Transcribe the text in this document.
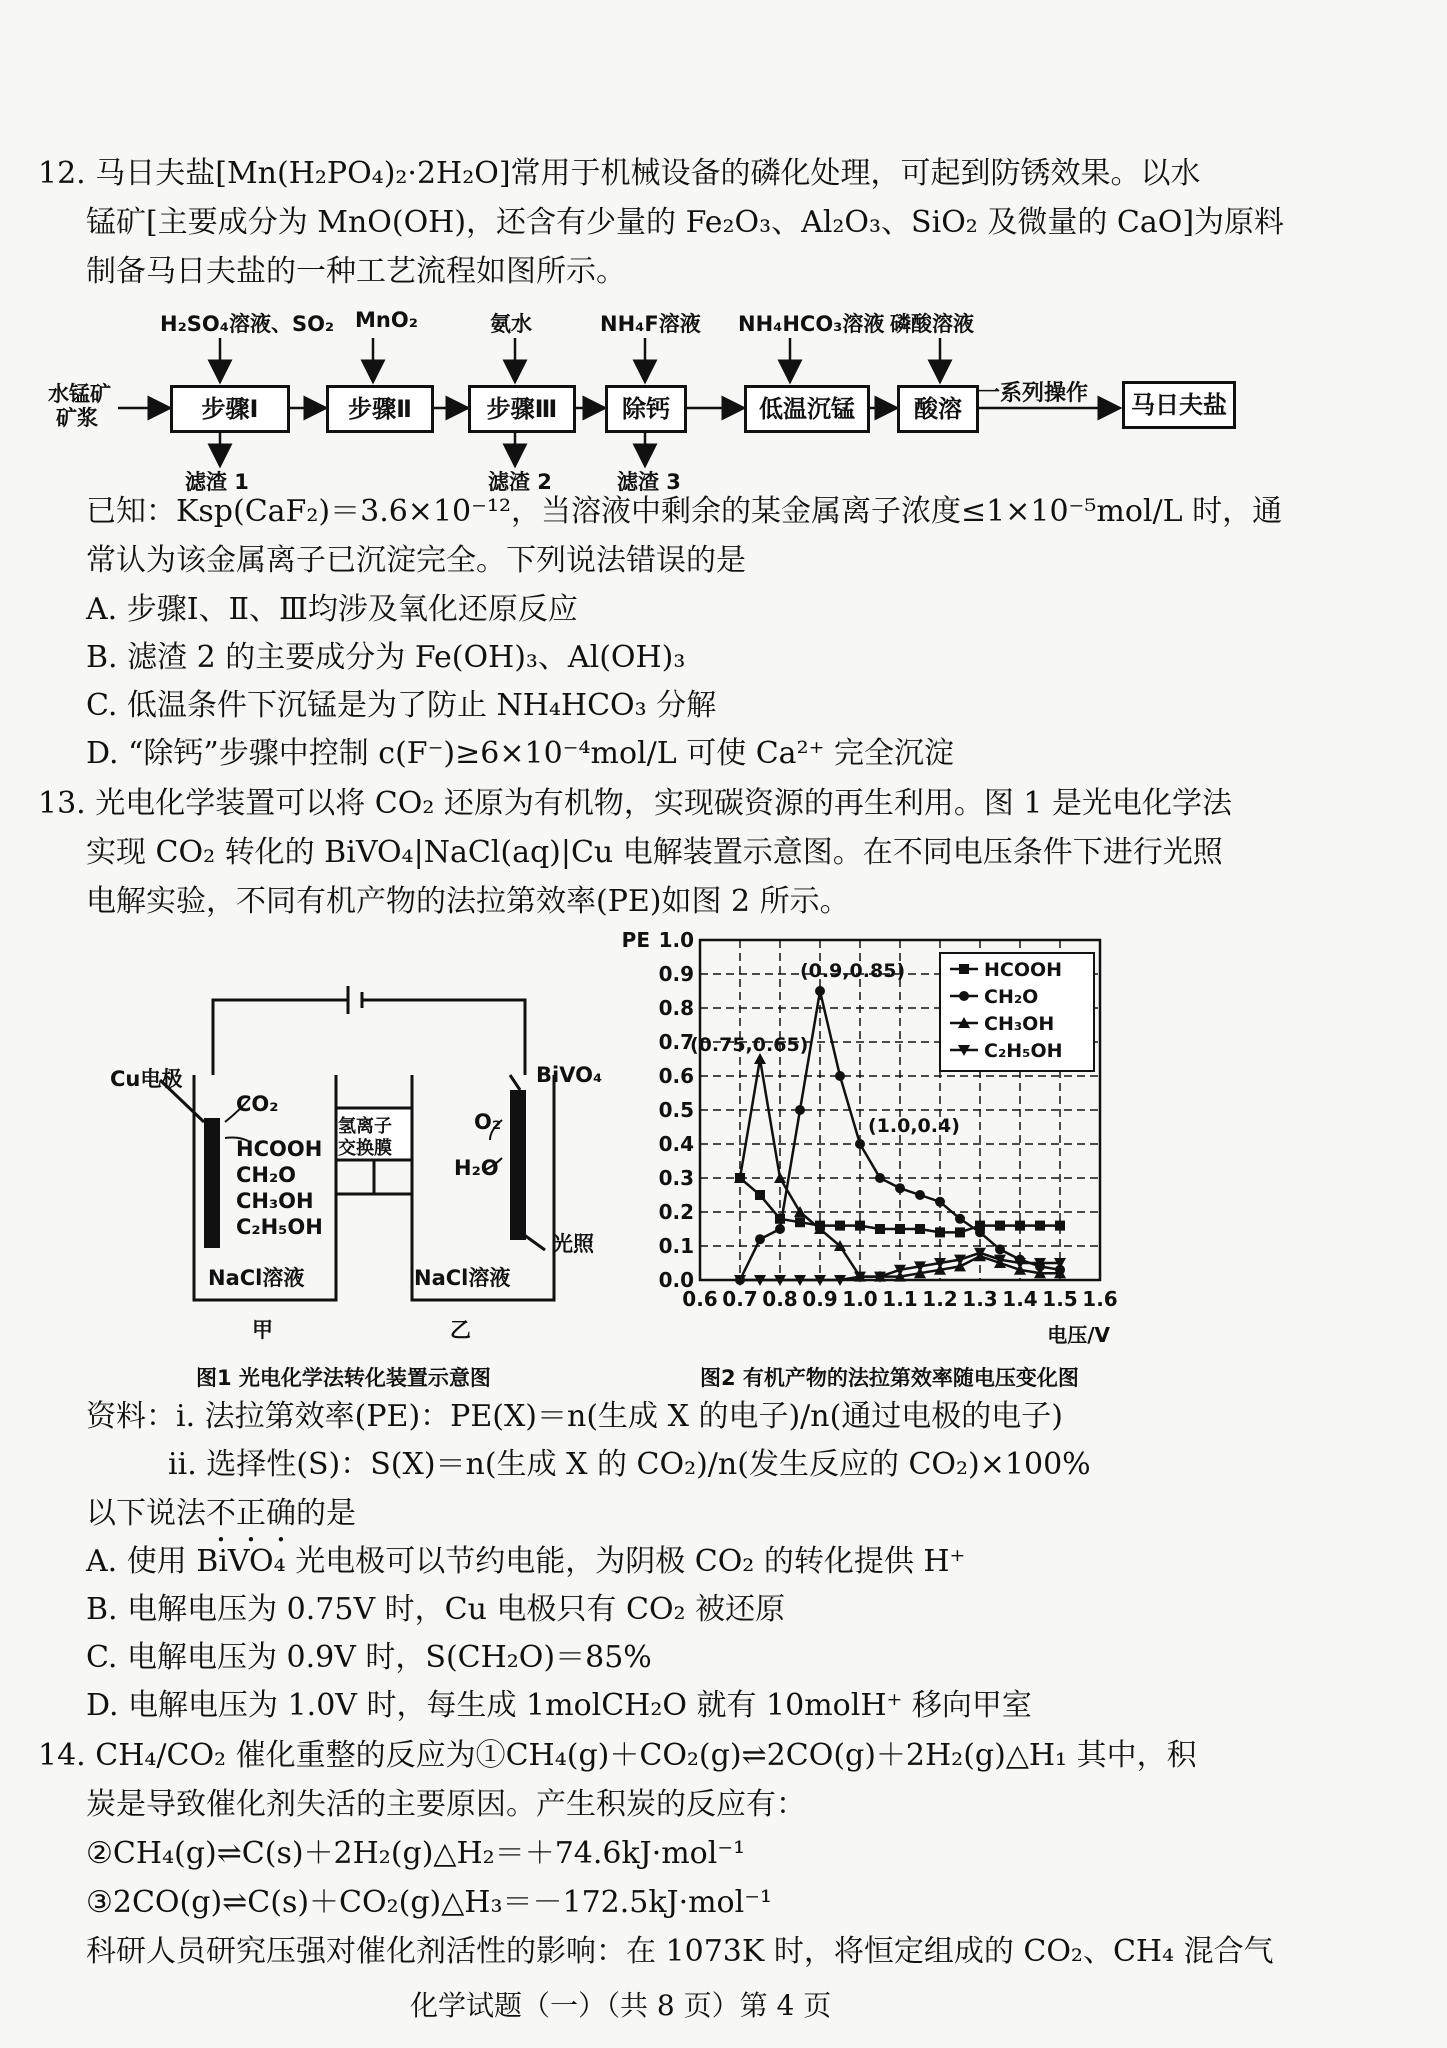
12. 马日夫盐[Mn(H₂PO₄)₂·2H₂O]常用于机械设备的磷化处理，可起到防锈效果。以水
锰矿[主要成分为 MnO(OH)，还含有少量的 Fe₂O₃、Al₂O₃、SiO₂ 及微量的 CaO]为原料
制备马日夫盐的一种工艺流程如图所示。
水锰矿
矿浆
H₂SO₄溶液、SO₂ MnO₂	氨水	NH₄F溶液 NH₄HCO₃溶液 磷酸溶液
步骤Ⅰ	步骤Ⅱ	步骤Ⅲ	除钙	低温沉锰	酸溶
一系列操作	马日夫盐
滤渣 1	滤渣 2	滤渣 3
已知：Ksp(CaF₂)＝3.6×10⁻¹²，当溶液中剩余的某金属离子浓度≤1×10⁻⁵mol/L 时，通
常认为该金属离子已沉淀完全。下列说法错误的是
A. 步骤Ⅰ、Ⅱ、Ⅲ均涉及氧化还原反应
B. 滤渣 2 的主要成分为 Fe(OH)₃、Al(OH)₃
C. 低温条件下沉锰是为了防止 NH₄HCO₃ 分解
D. “除钙”步骤中控制 c(F⁻)≥6×10⁻⁴mol/L 可使 Ca²⁺ 完全沉淀
13. 光电化学装置可以将 CO₂ 还原为有机物，实现碳资源的再生利用。图 1 是光电化学法
实现 CO₂ 转化的 BiVO₄|NaCl(aq)|Cu 电解装置示意图。在不同电压条件下进行光照
电解实验，不同有机产物的法拉第效率(PE)如图 2 所示。
Cu电极	BiVO₄
CO₂
HCOOH
CH₂O
CH₃OH
C₂H₅OH
氢离子
交换膜
O₂
H₂O
光照
NaCl溶液	NaCl溶液
甲	乙
图1 光电化学法转化装置示意图
0.6 0.7 0.8 0.9 1.0 1.1 1.2 1.3 1.4 1.5 1.6
0.0
0.1
0.2
0.3
0.4
0.5
0.6
0.7
0.8
0.9
1.0
PE
电压/V
(0.9,0.85)
(0.75,0.65)
(1.0,0.4)
HCOOH
CH₂O
CH₃OH
C₂H₅OH
图2 有机产物的法拉第效率随电压变化图
资料：ⅰ. 法拉第效率(PE)：PE(X)＝n(生成 X 的电子)/n(通过电极的电子)
ⅱ. 选择性(S)：S(X)＝n(生成 X 的 CO₂)/n(发生反应的 CO₂)×100%
以下说法不正确的是
A. 使用 BiVO₄ 光电极可以节约电能，为阴极 CO₂ 的转化提供 H⁺
B. 电解电压为 0.75V 时，Cu 电极只有 CO₂ 被还原
C. 电解电压为 0.9V 时，S(CH₂O)＝85%
D. 电解电压为 1.0V 时，每生成 1molCH₂O 就有 10molH⁺ 移向甲室
14. CH₄/CO₂ 催化重整的反应为①CH₄(g)＋CO₂(g)⇌2CO(g)＋2H₂(g)△H₁ 其中，积
炭是导致催化剂失活的主要原因。产生积炭的反应有：
②CH₄(g)⇌C(s)＋2H₂(g)△H₂＝＋74.6kJ·mol⁻¹
③2CO(g)⇌C(s)＋CO₂(g)△H₃＝－172.5kJ·mol⁻¹
科研人员研究压强对催化剂活性的影响：在 1073K 时，将恒定组成的 CO₂、CH₄ 混合气
化学试题（一）（共 8 页）第 4 页
